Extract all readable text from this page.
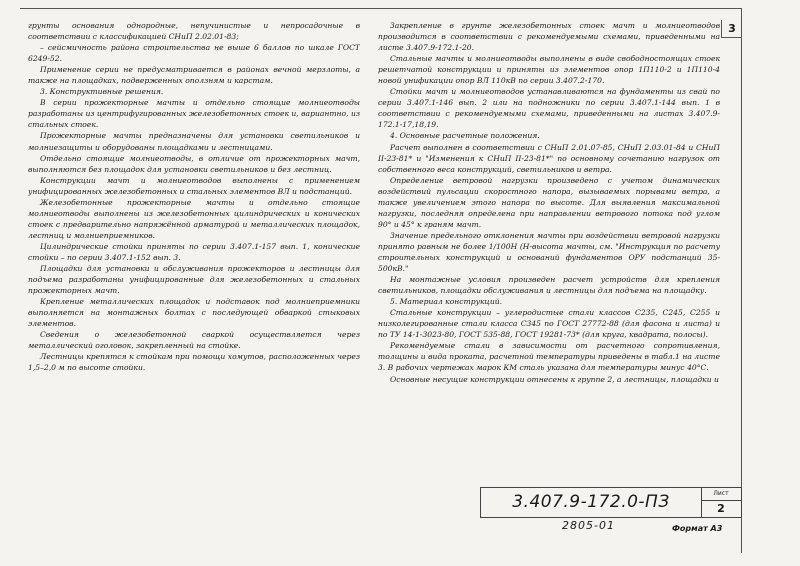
3

грунты основания однородные, непучинистые и непросадочные в соответствии с классификацией СНиП 2.02.01-83;

– сейсмичность района строительства не выше 6 баллов по шкале ГОСТ 6249-52.

Применение серии не предусматривается в районах вечной мерзлоты, а также на площадках, подверженных оползням и карстам.

3. Конструктивные решения.

В серии прожекторные мачты и отдельно стоящие молниеотводы разработаны из центрифугированных железобетонных стоек и, вариантно, из стальных стоек.

Прожекторные мачты предназначены для установки светильников и молниезащиты и оборудованы площадками и лестницами.

Отдельно стоящие молниеотводы, в отличие от прожекторных мачт, выполняются без площадок для установки светильников и без лестниц.

Конструкции мачт и молниеотводов выполнены с применением унифицированных железобетонных и стальных элементов ВЛ и подстанций.

Железобетонные прожекторные мачты и отдельно стоящие молниеотводы выполнены из железобетонных цилиндрических и конических стоек с предварительно напряжённой арматурой и металлических площадок, лестниц и молниеприемников.

Цилиндрические стойки приняты по серии 3.407.1-157 вып. 1, конические стойки – по серии 3.407.1-152 вып. 3.

Площадки для установки и обслуживания прожекторов и лестницы для подъема разработаны унифицированные для железобетонных и стальных прожекторных мачт.

Крепление металлических площадок и подставок под молниеприемники выполняется на монтажных болтах с последующей обваркой стыковых элементов.

Сведения о железобетонной сваркой осуществляется через металлический оголовок, закрепленный на стойке.

Лестницы крепятся к стойкам при помощи хомутов, расположенных через 1,5–2,0 м по высоте стойки.

Закрепление в грунте железобетонных стоек мачт и молниеотводов производится в соответствии с рекомендуемыми схемами, приведенными на листе 3.407.9-172.1-20.

Стальные мачты и молниеотводы выполнены в виде свободностоящих стоек решетчатой конструкции и приняты из элементов опор 1П110-2 и 1П110-4 новой унификации опор ВЛ 110кВ по серии 3.407.2-170.

Стойки мачт и молниеотводов устанавливаются на фундаменты из свай по серии 3.407.1-146 вып. 2 или на подножники по серии 3.407.1-144 вып. 1 в соответствии с рекомендуемыми схемами, приведенными на листах 3.407.9-172.1-17,18,19.

4. Основные расчетные положения.

Расчет выполнен в соответствии с СНиП 2.01.07-85, СНиП 2.03.01-84 и СНиП II-23-81* и "Изменения к СНиП II-23-81*" по основному сочетанию нагрузок от собственного веса конструкций, светильников и ветра.

Определение ветровой нагрузки произведено с учетом динамических воздействий пульсации скоростного напора, вызываемых порывами ветра, а также увеличением этого напора по высоте. Для выявления максимальной нагрузки, последняя определена при направлении ветрового потока под углом 90° и 45° к граням мачт.

Значение предельного отклонения мачты при воздействии ветровой нагрузки принято равным не более 1/100Н (Н-высота мачты, см. "Инструкция по расчету строительных конструкций и оснований фундаментов ОРУ подстанций 35-500кВ."

На монтажные условия произведен расчет устройств для крепления светильников, площадки обслуживания и лестницы для подъема на площадку.

5. Материал конструкций.

Стальные конструкции – углеродистые стали классов С235, С245, С255 и низколегированные стали класса С345 по ГОСТ 27772-88 (для фасона и листа) и по ТУ 14-1-3023-80, ГОСТ 535-88, ГОСТ 19281-73* (для круга, квадрата, полосы).

Рекомендуемые стали в зависимости от расчетного сопротивления, толщины и вида проката, расчетной температуры приведены в табл.1 на листе 3. В рабочих чертежах марок КМ сталь указана для температуры минус 40°С.

Основные несущие конструкции отнесены к группе 2, а лестницы, площадки и

3.407.9-172.0-ПЗ	Лист
2
2805-01	Формат А3
